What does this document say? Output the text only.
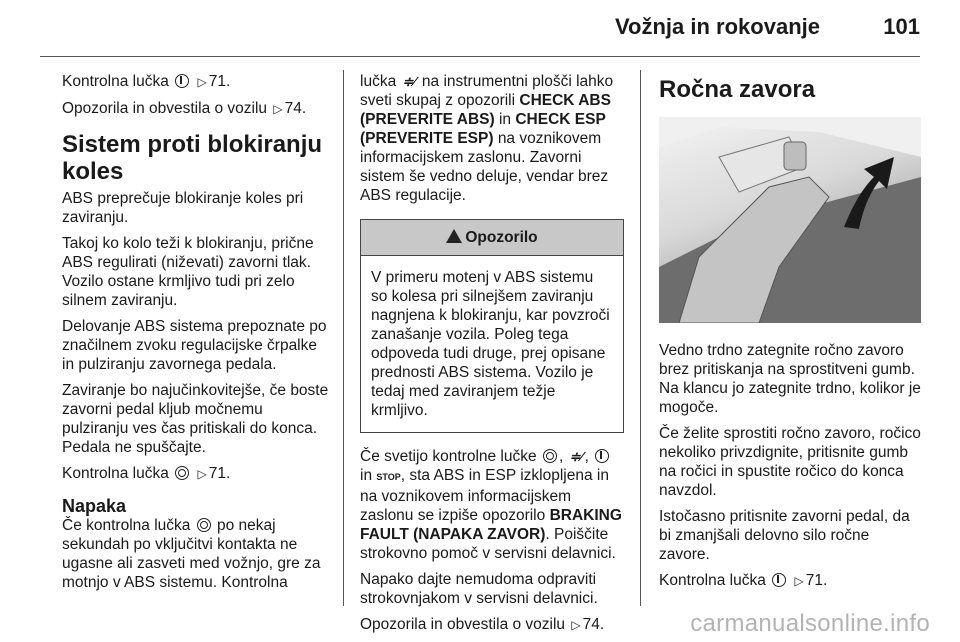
Vožnja in rokovanje	101

Kontrolna lučka ▷ 71.

Opozorila in obvestila o vozilu ▷ 74.

Sistem proti blokiranju koles

ABS preprečuje blokiranje koles pri zaviranju.

Takoj ko kolo teži k blokiranju, prične ABS regulirati (niževati) zavorni tlak. Vozilo ostane krmljivo tudi pri zelo silnem zaviranju.

Delovanje ABS sistema prepoznate po značilnem zvoku regulacijske črpalke in pulziranju zavornega pedala.

Zaviranje bo najučinkovitejše, če boste zavorni pedal kljub močnemu pulziranju ves čas pritiskali do konca. Pedala ne spuščajte.

Kontrolna lučka ▷ 71.

Napaka

Če kontrolna lučka po nekaj sekundah po vključitvi kontakta ne ugasne ali zasveti med vožnjo, gre za motnjo v ABS sistemu. Kontrolna

lučka ≑∕ na instrumentni plošči lahko sveti skupaj z opozorili CHECK ABS (PREVERITE ABS) in CHECK ESP (PREVERITE ESP) na voznikovem informacijskem zaslonu. Zavorni sistem še vedno deluje, vendar brez ABS regulacije.

Opozorilo
V primeru motenj v ABS sistemu so kolesa pri silnejšem zaviranju nagnjena k blokiranju, kar povzroči zanašanje vozila. Poleg tega odpoveda tudi druge, prej opisane prednosti ABS sistema. Vozilo je tedaj med zaviranjem težje krmljivo.

Če svetijo kontrolne lučke , ≑∕ ,  in STOP, sta ABS in ESP izklopljena in na voznikovem informacijskem zaslonu se izpiše opozorilo BRAKING FAULT (NAPAKA ZAVOR). Poiščite strokovno pomoč v servisni delavnici.

Napako dajte nemudoma odpraviti strokovnjakom v servisni delavnici.

Opozorila in obvestila o vozilu ▷ 74.

Ročna zavora

Vedno trdno zategnite ročno zavoro brez pritiskanja na sprostitveni gumb. Na klancu jo zategnite trdno, kolikor je mogoče.

Če želite sprostiti ročno zavoro, ročico nekoliko privzdignite, pritisnite gumb na ročici in spustite ročico do konca navzdol.

Istočasno pritisnite zavorni pedal, da bi zmanjšali delovno silo ročne zavore.

Kontrolna lučka ▷ 71.

carmanualsonline.info
